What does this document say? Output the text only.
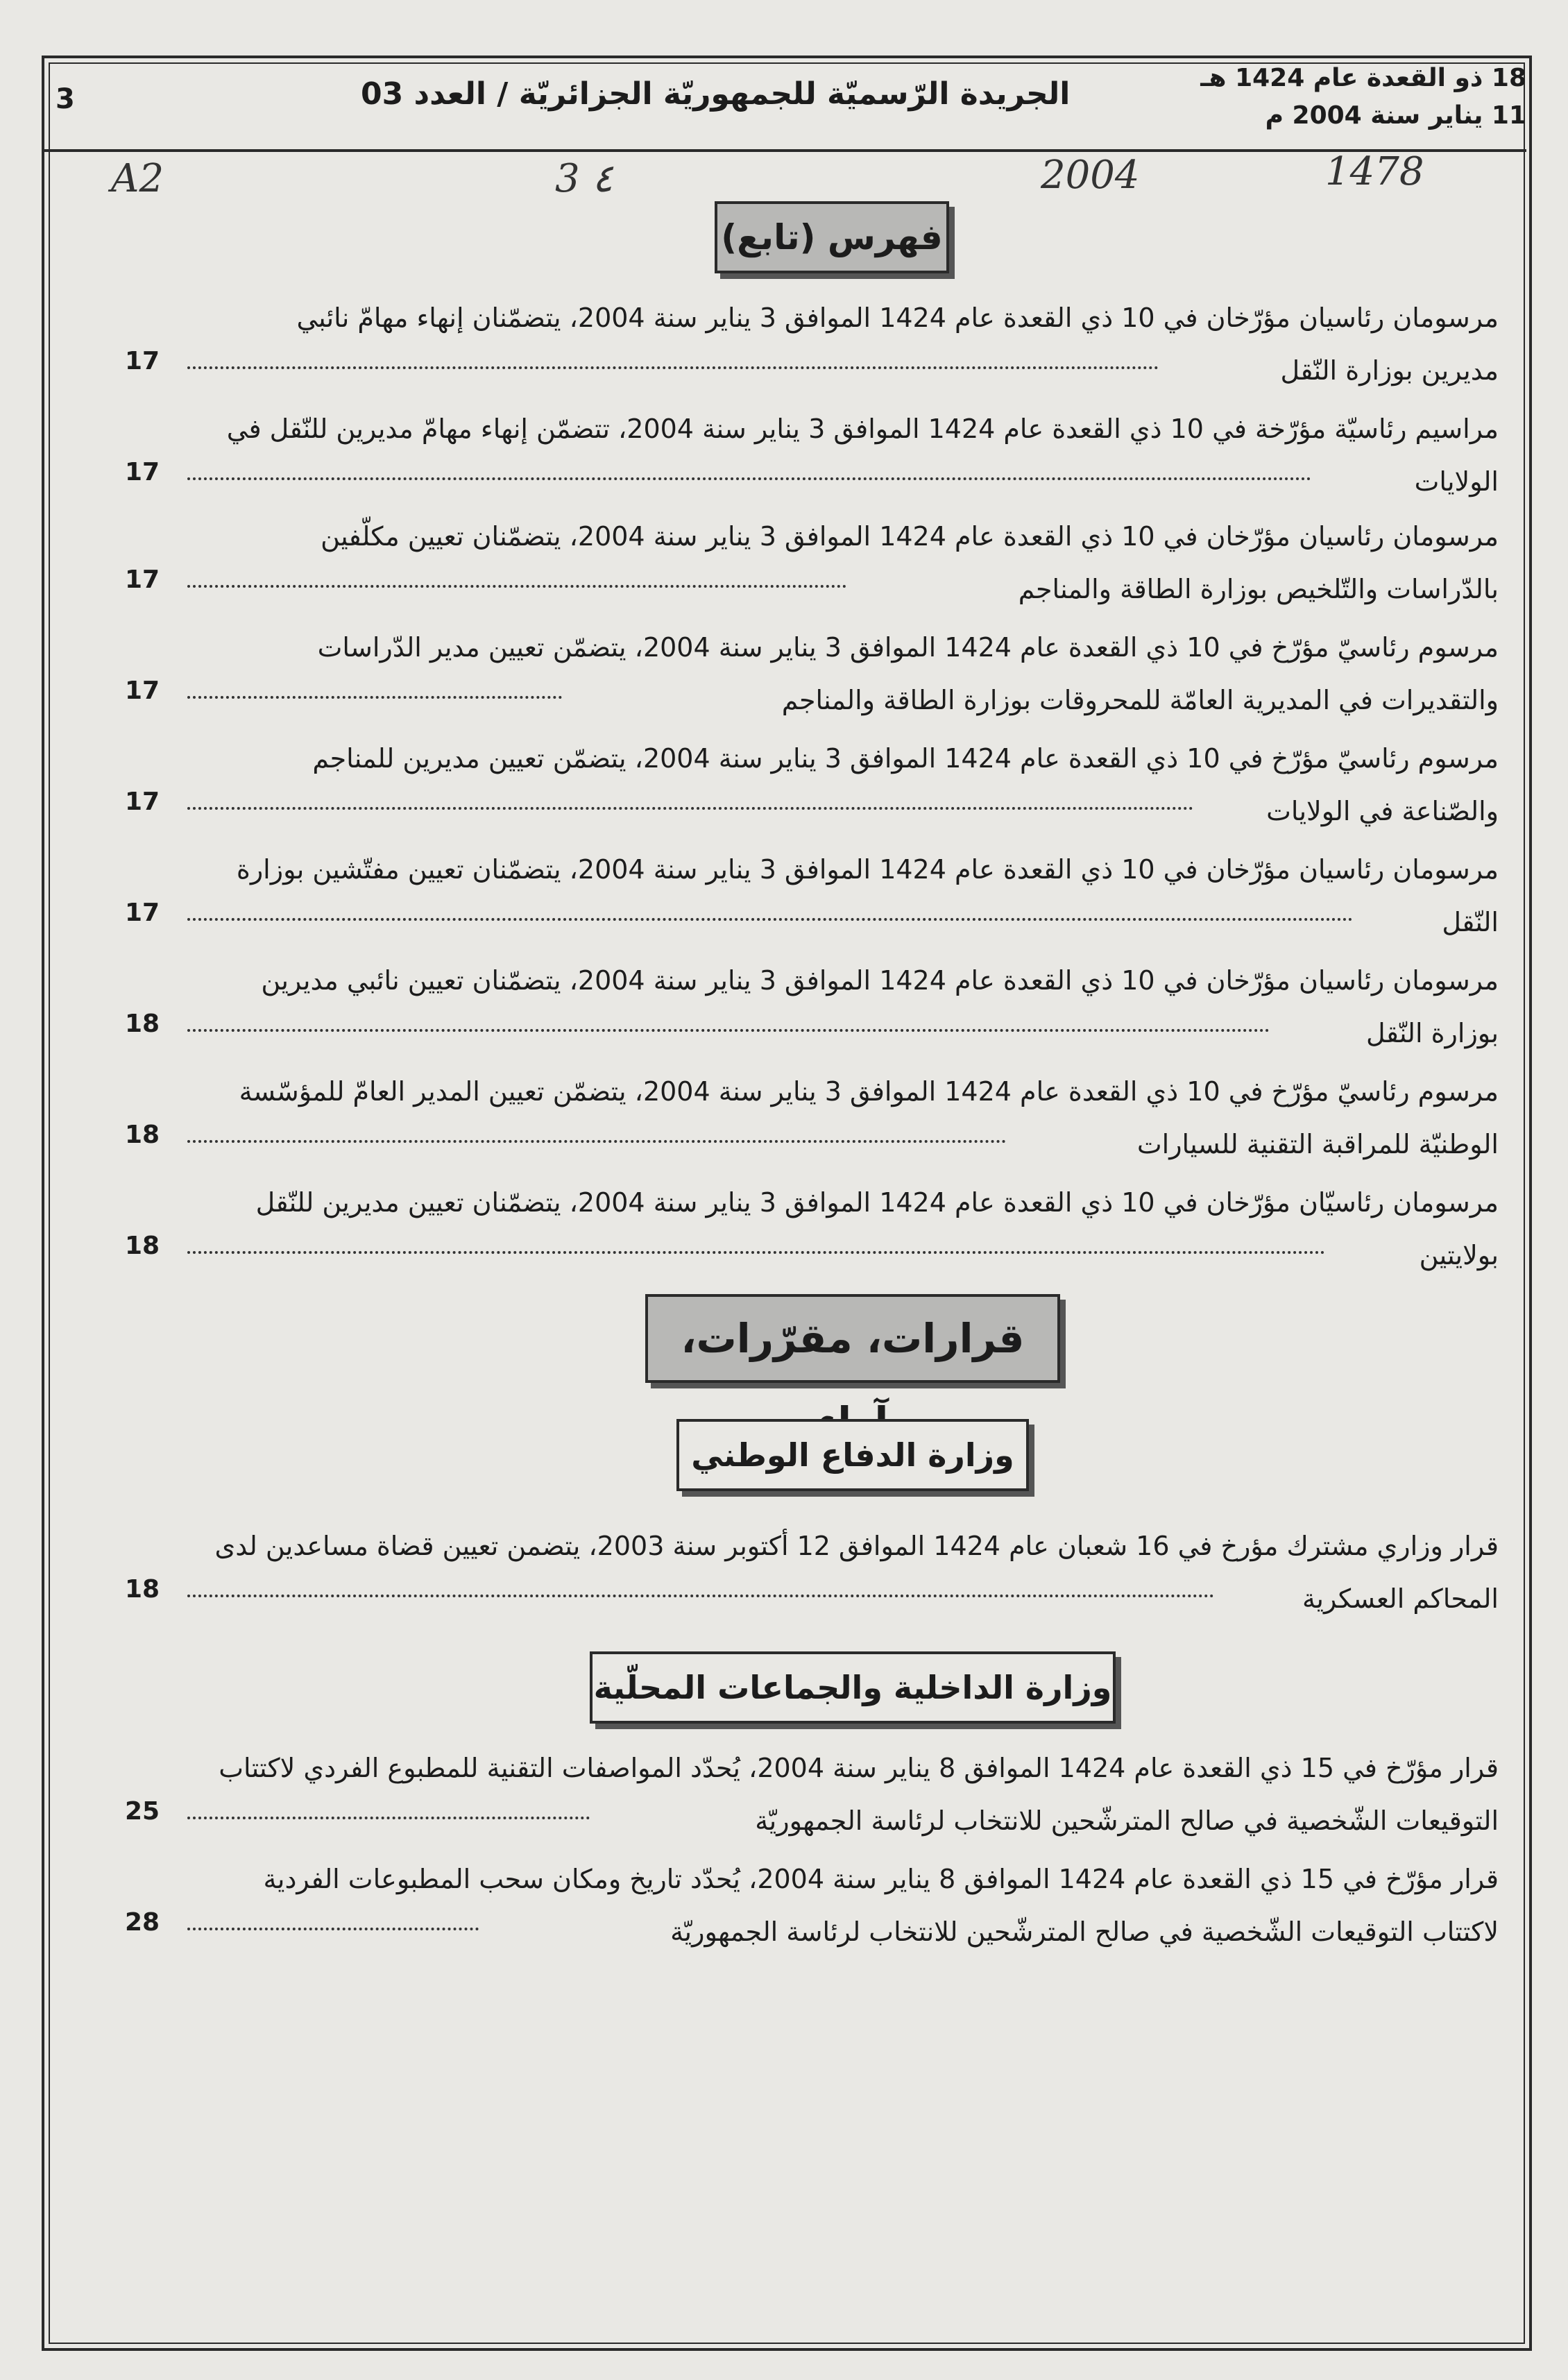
3	الجريدة الرّسميّة للجمهوريّة الجزائريّة / العدد 03	18 ذو القعدة عام 1424 هـ
11 يناير سنة 2004 م
A2	3 ٤	2004	1478
فهرس (تابع)
مرسومان رئاسيان مؤرّخان في 10 ذي القعدة عام 1424 الموافق 3 يناير سنة 2004، يتضمّنان إنهاء مهامّ نائبي
مديرين بوزارة النّقل
17
مراسيم رئاسيّة مؤرّخة في 10 ذي القعدة عام 1424 الموافق 3 يناير سنة 2004، تتضمّن إنهاء مهامّ مديرين للنّقل في
الولايات
17
مرسومان رئاسيان مؤرّخان في 10 ذي القعدة عام 1424 الموافق 3 يناير سنة 2004، يتضمّنان تعيين مكلّفين
بالدّراسات والتّلخيص بوزارة الطاقة والمناجم
17
مرسوم رئاسيّ مؤرّخ في 10 ذي القعدة عام 1424 الموافق 3 يناير سنة 2004، يتضمّن تعيين مدير الدّراسات
والتقديرات في المديرية العامّة للمحروقات بوزارة الطاقة والمناجم
17
مرسوم رئاسيّ مؤرّخ في 10 ذي القعدة عام 1424 الموافق 3 يناير سنة 2004، يتضمّن تعيين مديرين للمناجم
والصّناعة في الولايات
17
مرسومان رئاسيان مؤرّخان في 10 ذي القعدة عام 1424 الموافق 3 يناير سنة 2004، يتضمّنان تعيين مفتّشين بوزارة
النّقل
17
مرسومان رئاسيان مؤرّخان في 10 ذي القعدة عام 1424 الموافق 3 يناير سنة 2004، يتضمّنان تعيين نائبي مديرين
بوزارة النّقل
18
مرسوم رئاسيّ مؤرّخ في 10 ذي القعدة عام 1424 الموافق 3 يناير سنة 2004، يتضمّن تعيين المدير العامّ للمؤسّسة
الوطنيّة للمراقبة التقنية للسيارات
18
مرسومان رئاسيّان مؤرّخان في 10 ذي القعدة عام 1424 الموافق 3 يناير سنة 2004، يتضمّنان تعيين مديرين للنّقل
بولايتين
18
قرارات، مقرّرات،
وزارة الدفاع الوطني
قرار وزاري مشترك مؤرخ في 16 شعبان عام 1424 الموافق 12 أكتوبر سنة 2003، يتضمن تعيين قضاة مساعدين لدى
المحاكم العسكرية
18
وزارة الداخلية والجماعات المحلّية
قرار مؤرّخ في 15 ذي القعدة عام 1424 الموافق 8 يناير سنة 2004، يُحدّد المواصفات التقنية للمطبوع الفردي لاكتتاب
التوقيعات الشّخصية في صالح المترشّحين للانتخاب لرئاسة الجمهوريّة
25
قرار مؤرّخ في 15 ذي القعدة عام 1424 الموافق 8 يناير سنة 2004، يُحدّد تاريخ ومكان سحب المطبوعات الفردية
لاكتتاب التوقيعات الشّخصية في صالح المترشّحين للانتخاب لرئاسة الجمهوريّة
28
